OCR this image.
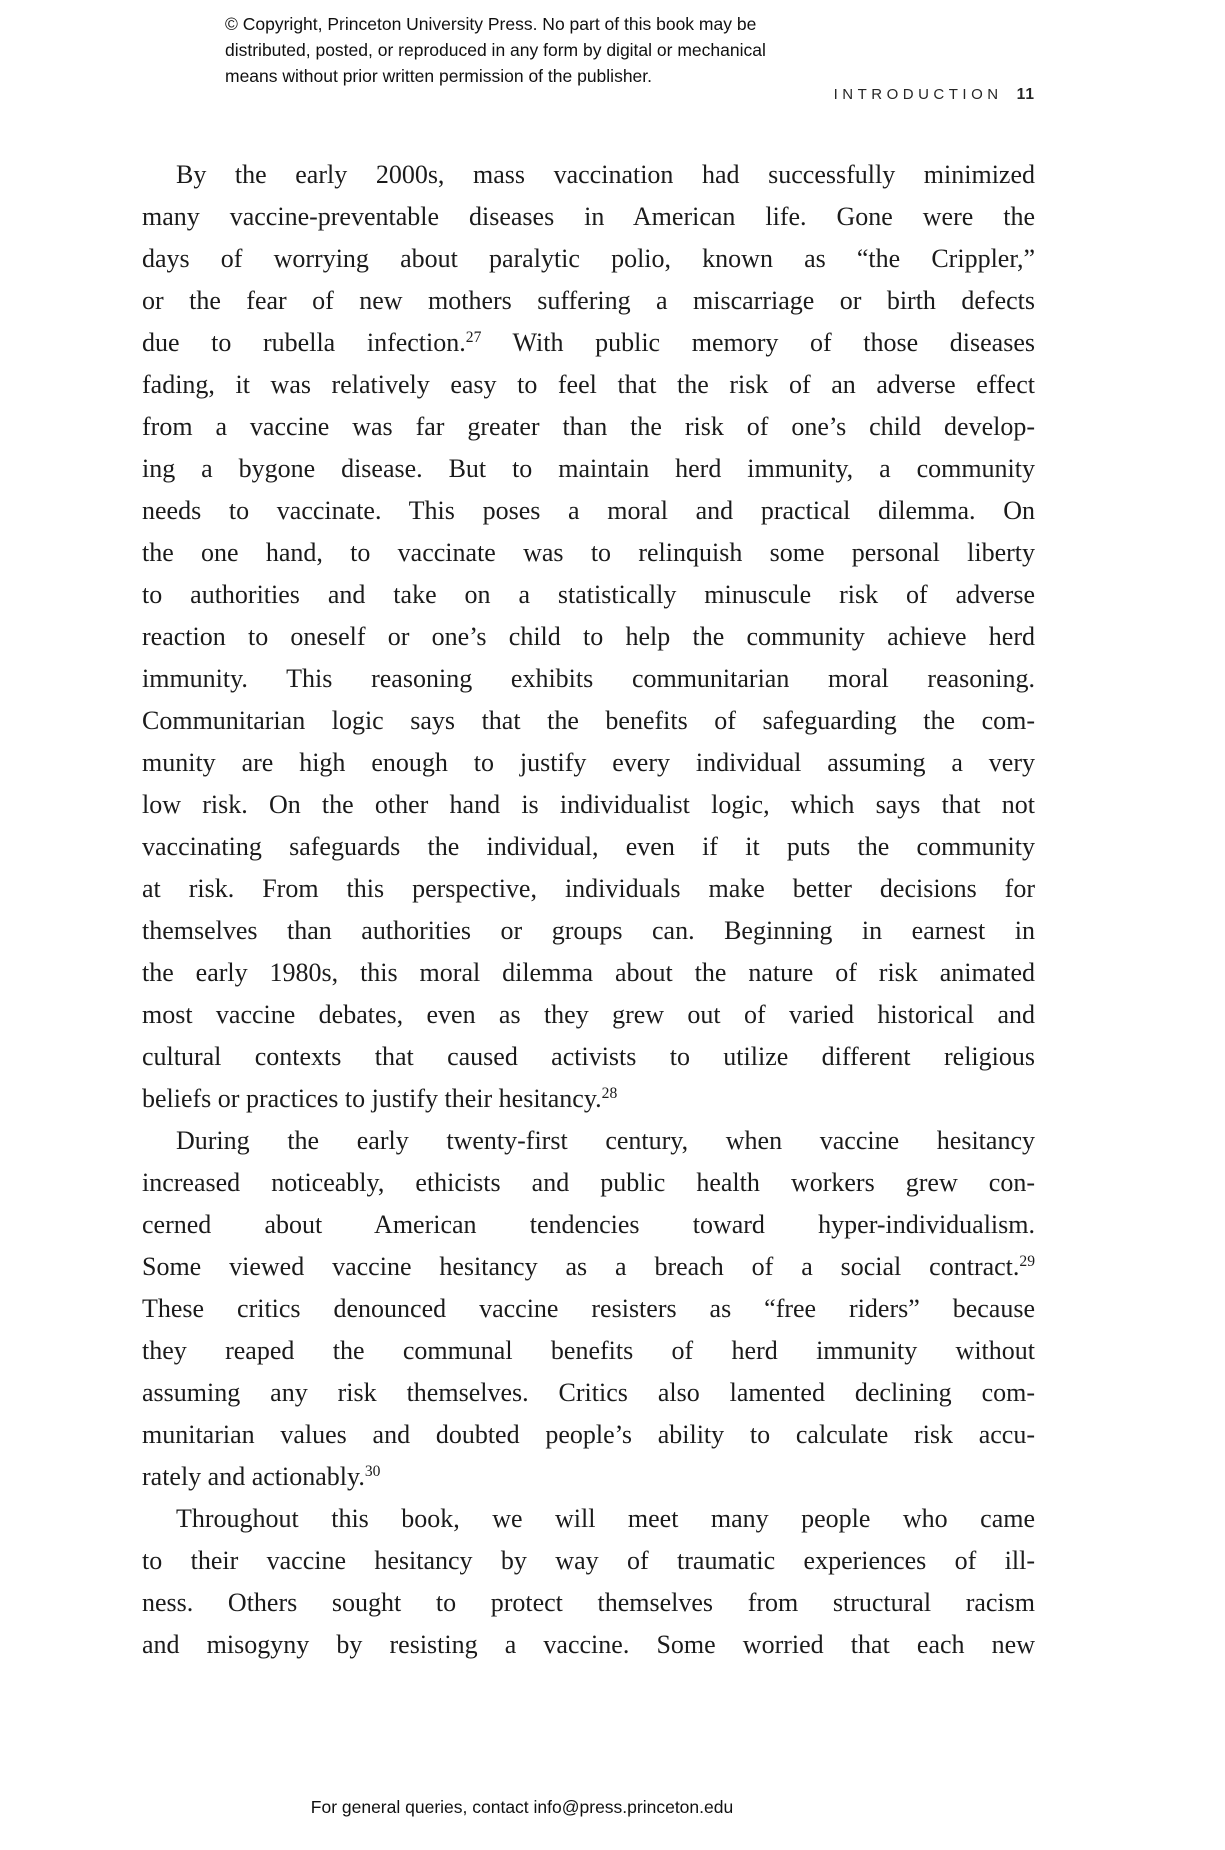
© Copyright, Princeton University Press. No part of this book may be
distributed, posted, or reproduced in any form by digital or mechanical
means without prior written permission of the publisher.
INTRODUCTION 11
By the early 2000s, mass vaccination had successfully minimized
many vaccine-preventable diseases in American life. Gone were the
days of worrying about paralytic polio, known as “the Crippler,”
or the fear of new mothers suffering a miscarriage or birth defects
due to rubella infection.$^{27}$ With public memory of those diseases
fading, it was relatively easy to feel that the risk of an adverse effect
from a vaccine was far greater than the risk of one’s child develop-
ing a bygone disease. But to maintain herd immunity, a community
needs to vaccinate. This poses a moral and practical dilemma. On
the one hand, to vaccinate was to relinquish some personal liberty
to authorities and take on a statistically minuscule risk of adverse
reaction to oneself or one’s child to help the community achieve herd
immunity. This reasoning exhibits communitarian moral reasoning.
Communitarian logic says that the benefits of safeguarding the com-
munity are high enough to justify every individual assuming a very
low risk. On the other hand is individualist logic, which says that not
vaccinating safeguards the individual, even if it puts the community
at risk. From this perspective, individuals make better decisions for
themselves than authorities or groups can. Beginning in earnest in
the early 1980s, this moral dilemma about the nature of risk animated
most vaccine debates, even as they grew out of varied historical and
cultural contexts that caused activists to utilize different religious
beliefs or practices to justify their hesitancy.$^{28}$
During the early twenty-first century, when vaccine hesitancy
increased noticeably, ethicists and public health workers grew con-
cerned about American tendencies toward hyper-individualism.
Some viewed vaccine hesitancy as a breach of a social contract.$^{29}$
These critics denounced vaccine resisters as “free riders” because
they reaped the communal benefits of herd immunity without
assuming any risk themselves. Critics also lamented declining com-
munitarian values and doubted people’s ability to calculate risk accu-
rately and actionably.$^{30}$
Throughout this book, we will meet many people who came
to their vaccine hesitancy by way of traumatic experiences of ill-
ness. Others sought to protect themselves from structural racism
and misogyny by resisting a vaccine. Some worried that each new
For general queries, contact info@press.princeton.edu
